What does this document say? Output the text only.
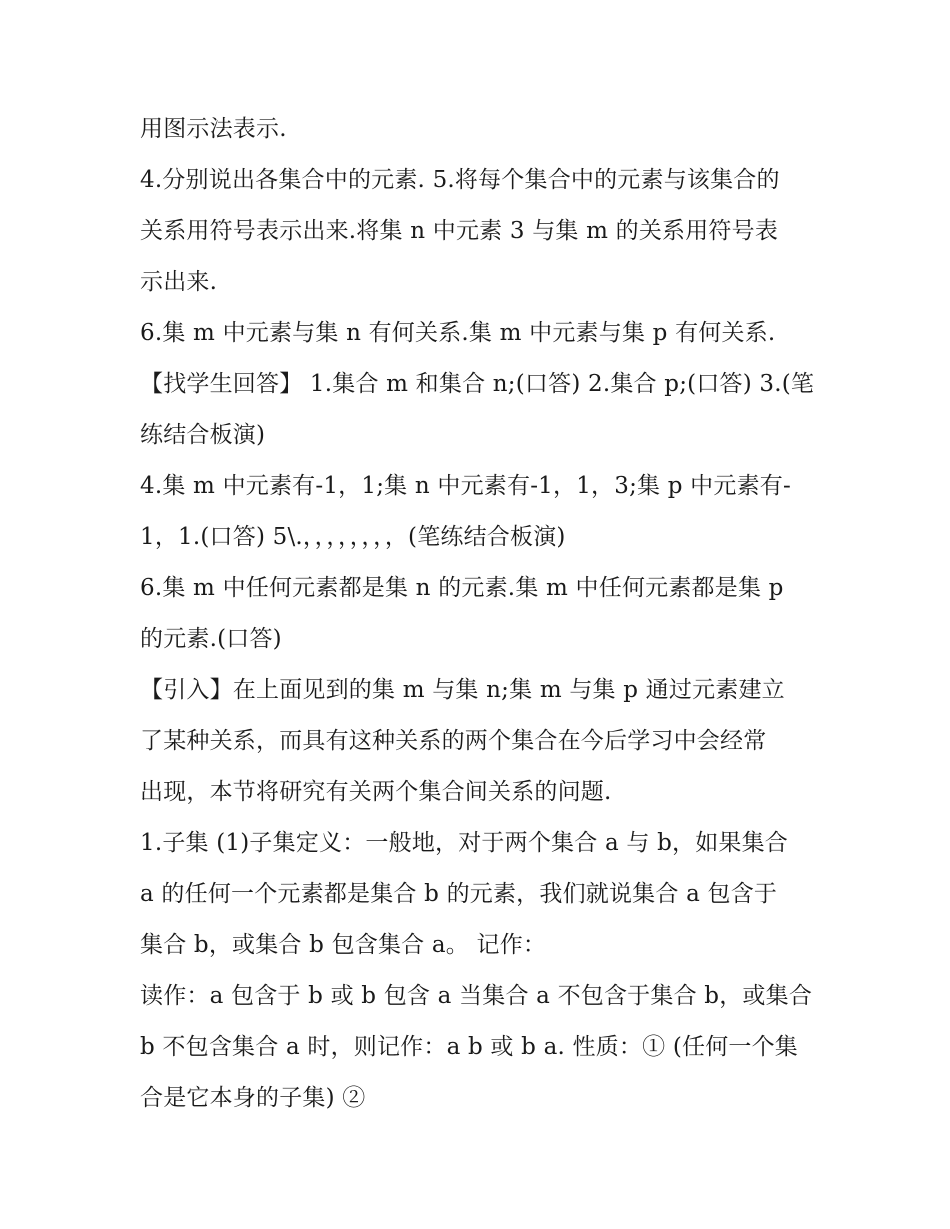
用图示法表示.
4.分别说出各集合中的元素. 5.将每个集合中的元素与该集合的
关系用符号表示出来.将集 n 中元素 3 与集 m 的关系用符号表
示出来.
6.集 m 中元素与集 n 有何关系.集 m 中元素与集 p 有何关系.
【找学生回答】 1.集合 m 和集合 n;(口答) 2.集合 p;(口答) 3.(笔
练结合板演)
4.集 m 中元素有-1，1;集 n 中元素有-1，1，3;集 p 中元素有-
1，1.(口答) 5\.，，，，，，，，(笔练结合板演)
6.集 m 中任何元素都是集 n 的元素.集 m 中任何元素都是集 p
的元素.(口答)
【引入】在上面见到的集 m 与集 n;集 m 与集 p 通过元素建立
了某种关系，而具有这种关系的两个集合在今后学习中会经常
出现，本节将研究有关两个集合间关系的问题.
1.子集 (1)子集定义：一般地，对于两个集合 a 与 b，如果集合
a 的任何一个元素都是集合 b 的元素，我们就说集合 a 包含于
集合 b，或集合 b 包含集合 a。 记作：
读作：a 包含于 b 或 b 包含 a 当集合 a 不包含于集合 b，或集合
b 不包含集合 a 时，则记作：a b 或 b a. 性质：① (任何一个集
合是它本身的子集) ②
